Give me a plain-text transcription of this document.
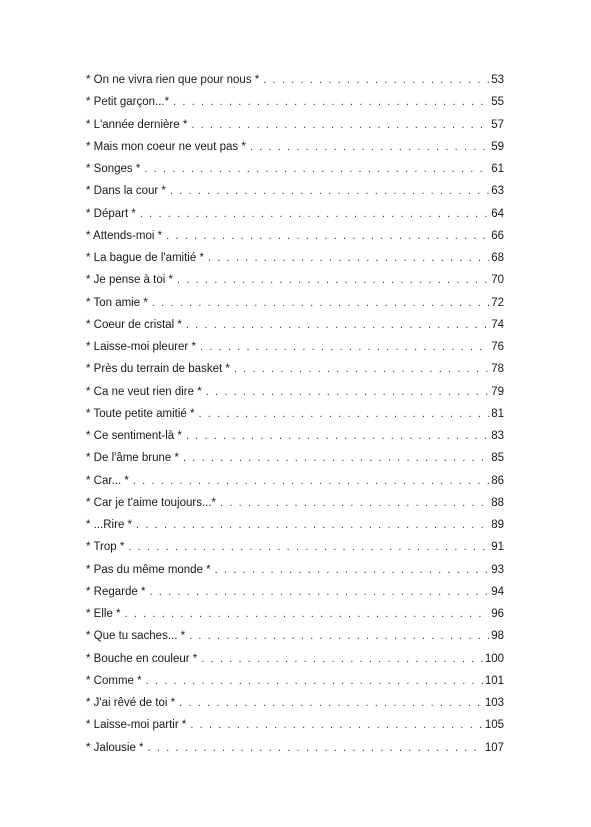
* On ne vivra rien que pour nous * . . .	53
* Petit garçon...* . . .	55
* L'année dernière * . . .	57
* Mais mon coeur ne veut pas * . . .	59
* Songes * . . .	61
* Dans la cour * . . .	63
* Départ * . . .	64
* Attends-moi * . . .	66
* La bague de l'amitié * . . .	68
* Je pense à toi * . . .	70
* Ton amie * . . .	72
* Coeur de cristal * . . .	74
* Laisse-moi pleurer * . . .	76
* Près du terrain de basket * . . .	78
* Ca ne veut rien dire * . . .	79
* Toute petite amitié * . . .	81
* Ce sentiment-là * . . .	83
* De l'âme brune * . . .	85
* Car... * . . .	86
* Car je t'aime toujours...* . . .	88
* ...Rire * . . .	89
* Trop * . . .	91
* Pas du même monde * . . .	93
* Regarde * . . .	94
* Elle * . . .	96
* Que tu saches... * . . .	98
* Bouche en couleur * . . .	100
* Comme * . . .	101
* J'ai rêvé de toi * . . .	103
* Laisse-moi partir * . . .	105
* Jalousie * . . .	107
